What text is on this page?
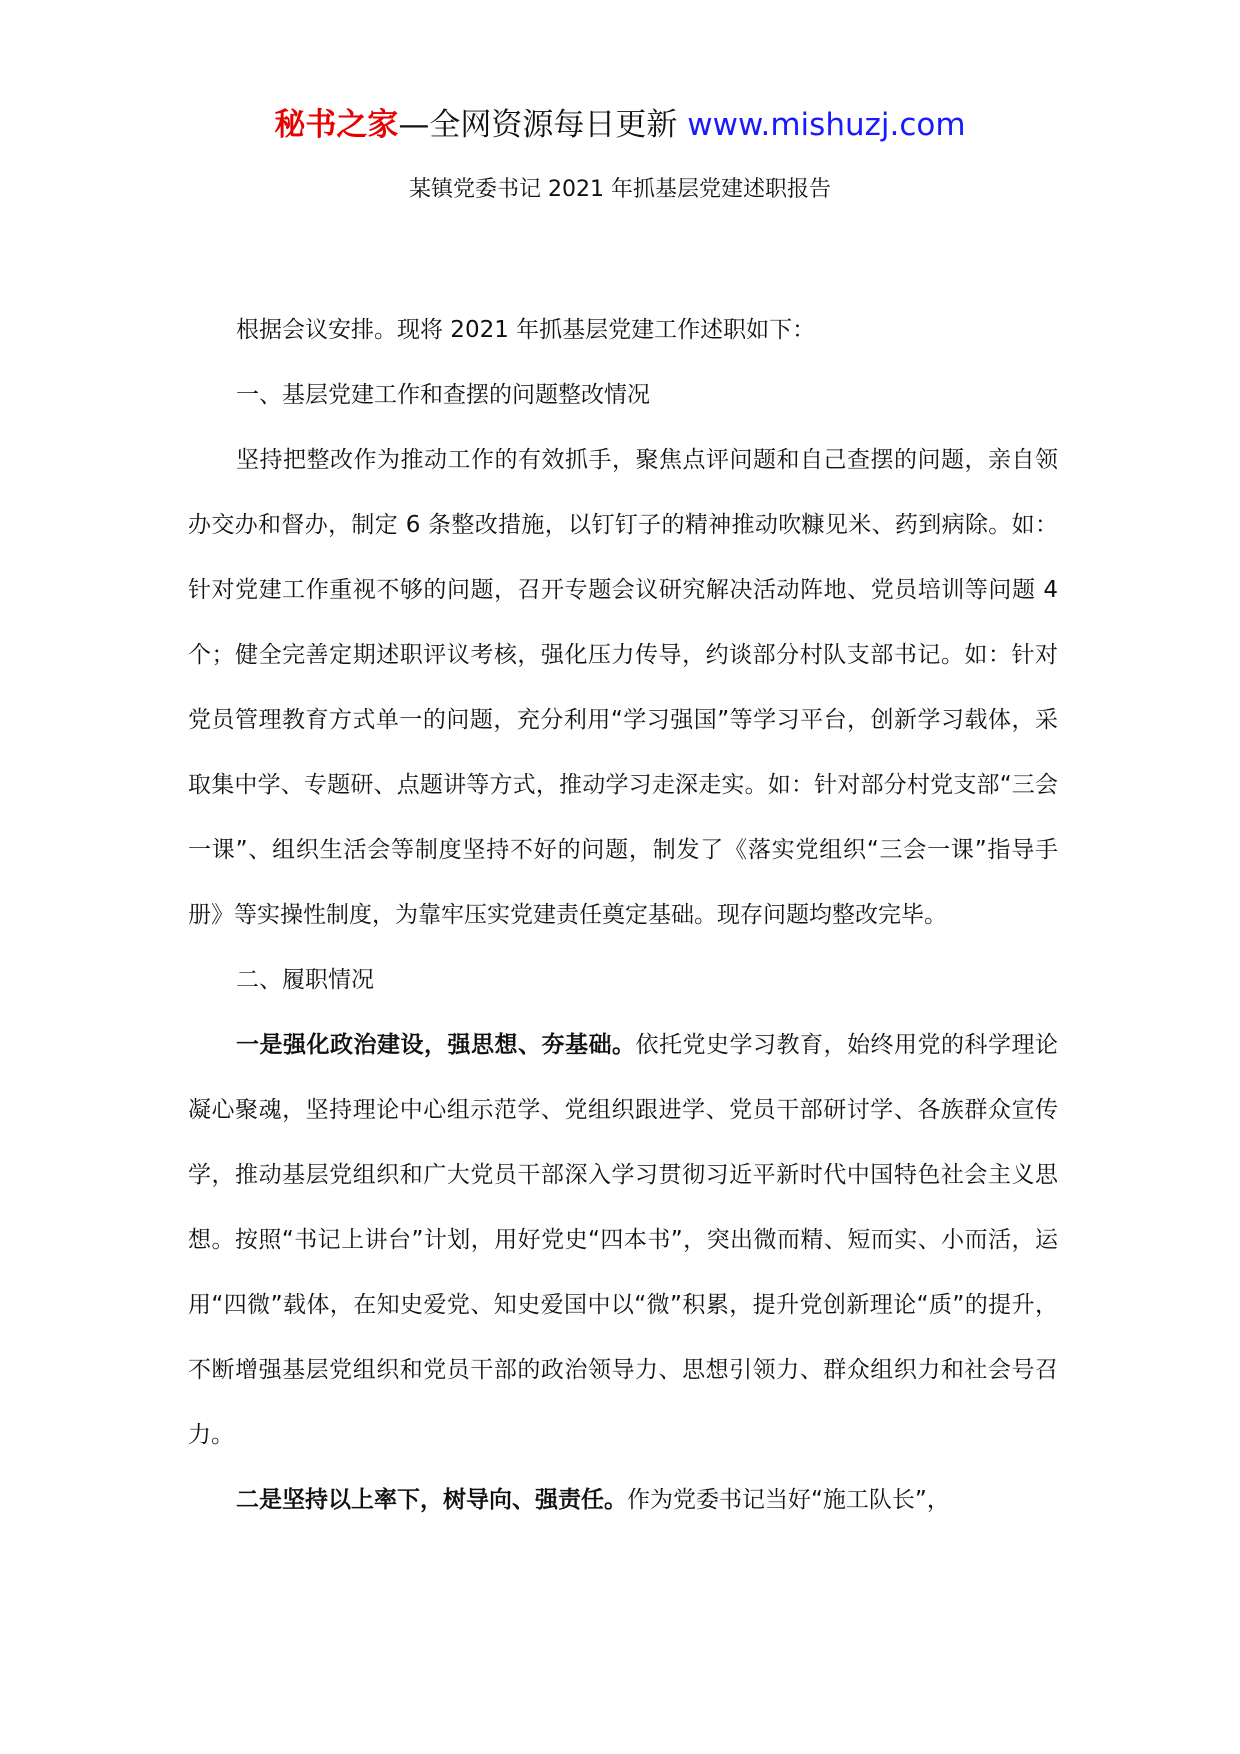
秘书之家—全网资源每日更新 www.mishuzj.com
某镇党委书记 2021 年抓基层党建述职报告

根据会议安排。现将 2021 年抓基层党建工作述职如下：

一、基层党建工作和查摆的问题整改情况

坚持把整改作为推动工作的有效抓手，聚焦点评问题和自己查摆的问题，亲自领办交办和督办，制定 6 条整改措施，以钉钉子的精神推动吹糠见米、药到病除。如：针对党建工作重视不够的问题，召开专题会议研究解决活动阵地、党员培训等问题 4 个；健全完善定期述职评议考核，强化压力传导，约谈部分村队支部书记。如：针对党员管理教育方式单一的问题，充分利用“学习强国”等学习平台，创新学习载体，采取集中学、专题研、点题讲等方式，推动学习走深走实。如：针对部分村党支部“三会一课”、组织生活会等制度坚持不好的问题，制发了《落实党组织“三会一课”指导手册》等实操性制度，为靠牢压实党建责任奠定基础。现存问题均整改完毕。

二、履职情况

一是强化政治建设，强思想、夯基础。依托党史学习教育，始终用党的科学理论凝心聚魂，坚持理论中心组示范学、党组织跟进学、党员干部研讨学、各族群众宣传学，推动基层党组织和广大党员干部深入学习贯彻习近平新时代中国特色社会主义思想。按照“书记上讲台”计划，用好党史“四本书”，突出微而精、短而实、小而活，运用“四微”载体，在知史爱党、知史爱国中以“微”积累，提升党创新理论“质”的提升，不断增强基层党组织和党员干部的政治领导力、思想引领力、群众组织力和社会号召力。

二是坚持以上率下，树导向、强责任。作为党委书记当好“施工队长”，
